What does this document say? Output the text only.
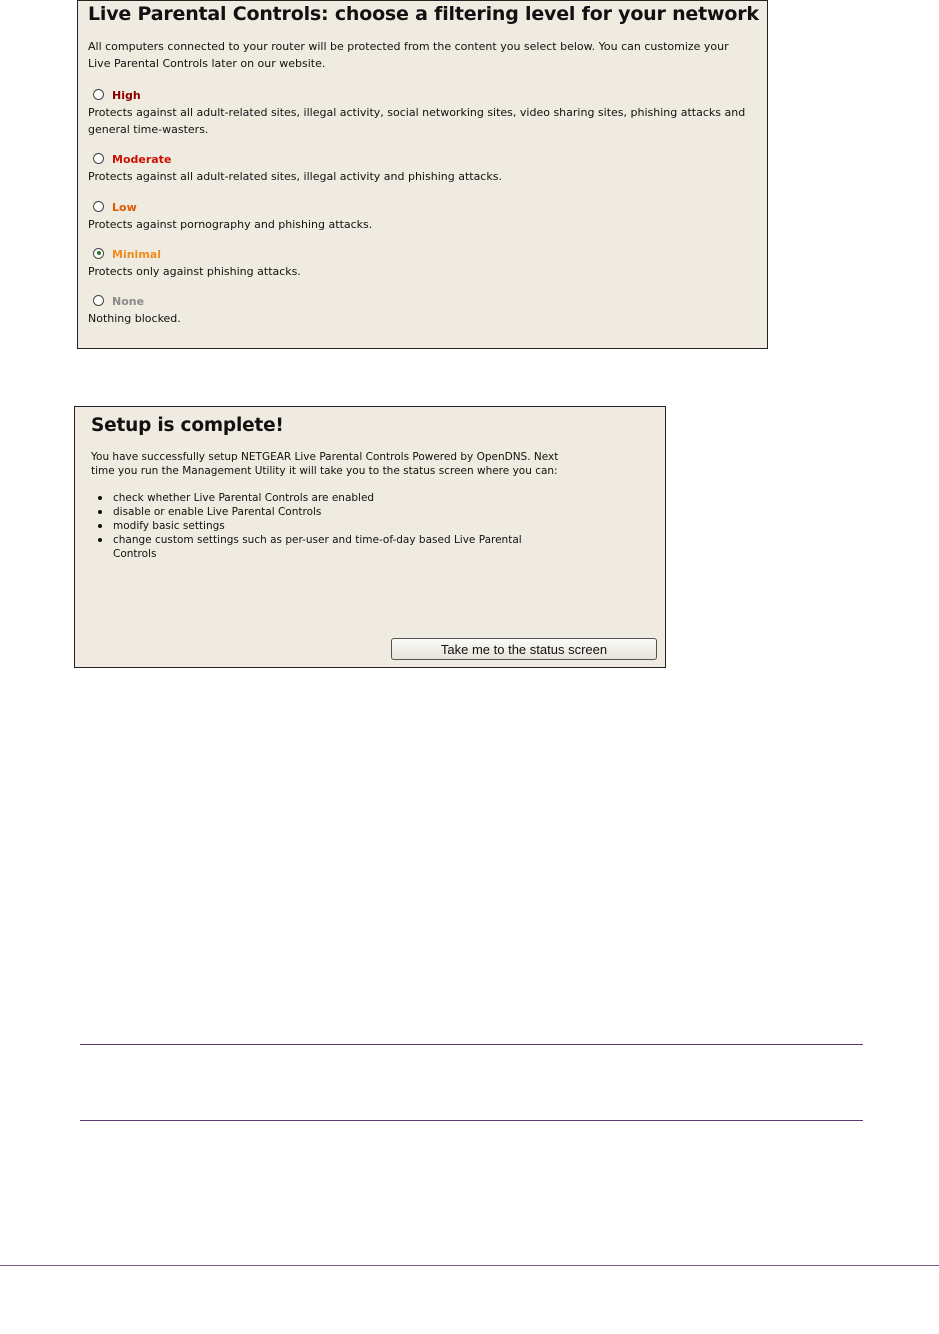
Live Parental Controls: choose a filtering level for your network
All computers connected to your router will be protected from the content you select below. You can customize your Live Parental Controls later on our website.
High
Protects against all adult-related sites, illegal activity, social networking sites, video sharing sites, phishing attacks and general time-wasters.
Moderate
Protects against all adult-related sites, illegal activity and phishing attacks.
Low
Protects against pornography and phishing attacks.
Minimal
Protects only against phishing attacks.
None
Nothing blocked.
Setup is complete!
You have successfully setup NETGEAR Live Parental Controls Powered by OpenDNS. Next time you run the Management Utility it will take you to the status screen where you can:
check whether Live Parental Controls are enabled
disable or enable Live Parental Controls
modify basic settings
change custom settings such as per-user and time-of-day based Live Parental Controls
Take me to the status screen
